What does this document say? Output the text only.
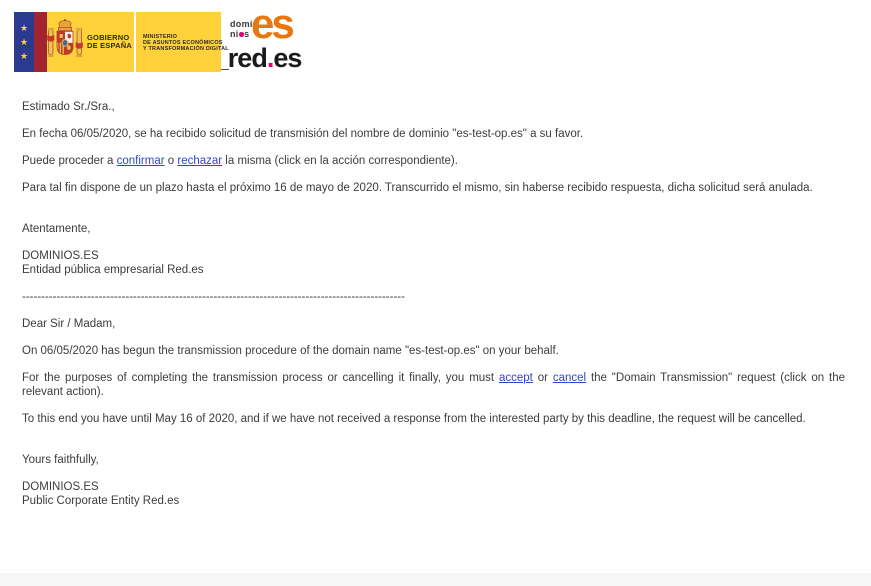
★
★
★
GOBIERNO
DE ESPAÑA
MINISTERIO
DE ASUNTOS ECONÓMICOS
Y TRANSFORMACIÓN DIGITAL
domi
ni s es
_red.es

Estimado Sr./Sra.,

En fecha 06/05/2020, se ha recibido solicitud de transmisión del nombre de dominio "es-test-op.es" a su favor.

Puede proceder a confirmar o rechazar la misma (click en la acción correspondiente).

Para tal fin dispone de un plazo hasta el próximo 16 de mayo de 2020. Transcurrido el mismo, sin haberse recibido respuesta, dicha solicitud será anulada.

Atentamente,

DOMINIOS.ES
Entidad pública empresarial Red.es

----------------------------------------------------------------------------------------------------

Dear Sir / Madam,

On 06/05/2020 has begun the transmission procedure of the domain name "es-test-op.es" on your behalf.

For the purposes of completing the transmission process or cancelling it finally, you must accept or cancel the "Domain Transmission" request (click on the relevant action).

To this end you have until May 16 of 2020, and if we have not received a response from the interested party by this deadline, the request will be cancelled.

Yours faithfully,

DOMINIOS.ES
Public Corporate Entity Red.es
